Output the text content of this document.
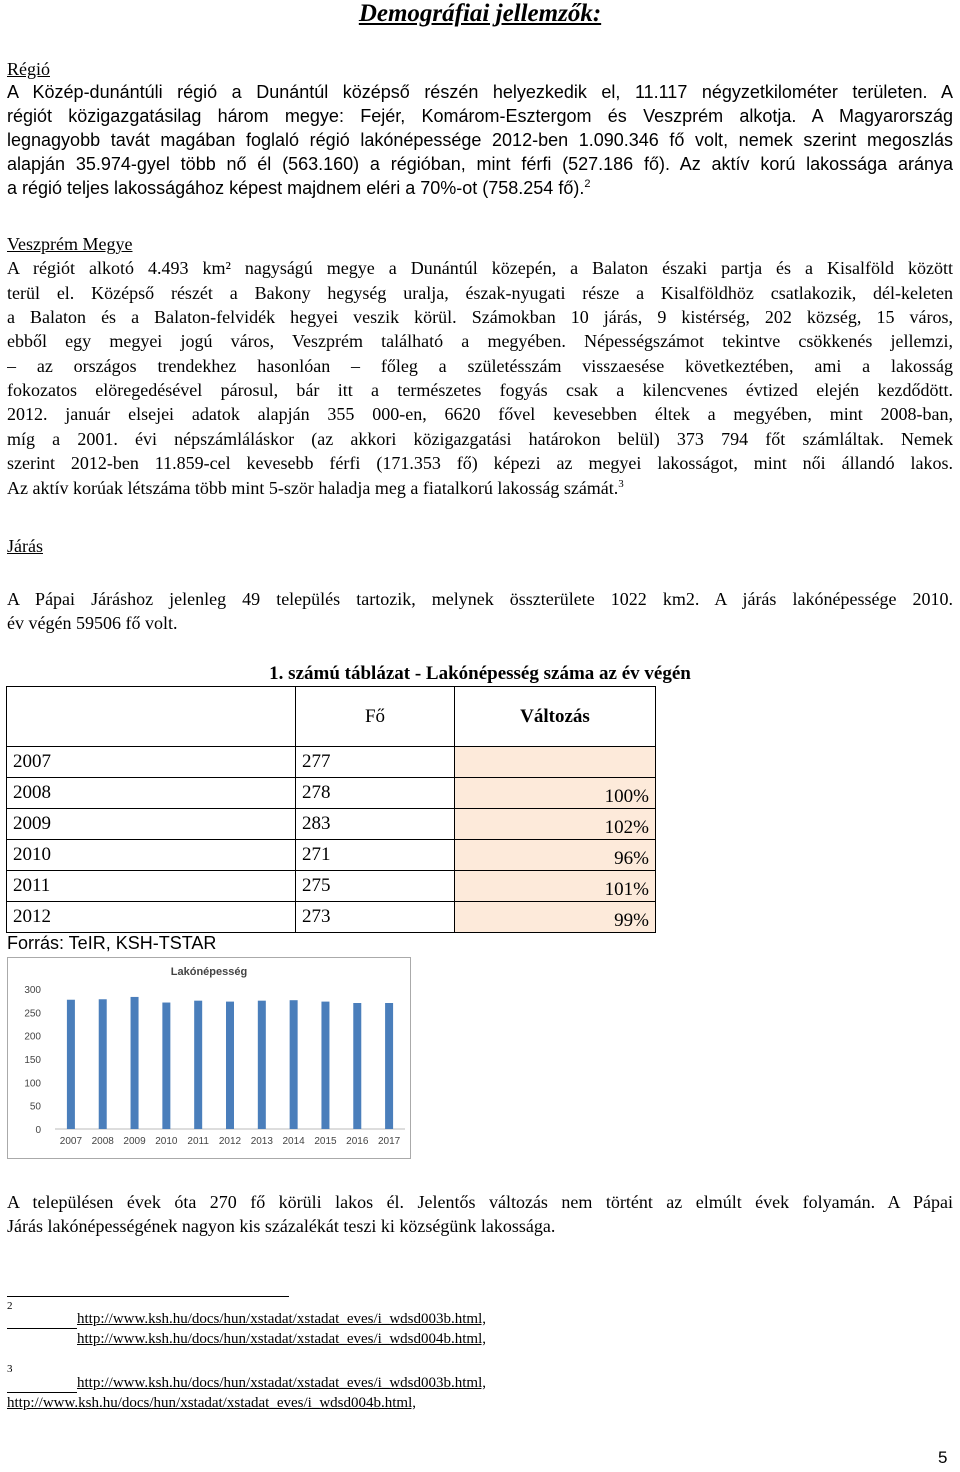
Demográfiai jellemzők:
Régió
A Közép-dunántúli régió a Dunántúl középső részén helyezkedik el, 11.117 négyzetkilométer területen. A
régiót közigazgatásilag három megye: Fejér, Komárom-Esztergom és Veszprém alkotja. A Magyarország
legnagyobb tavát magában foglaló régió lakónépessége 2012-ben 1.090.346 fő volt, nemek szerint megoszlás
alapján 35.974-gyel több nő él (563.160) a régióban, mint férfi (527.186 fő). Az aktív korú lakossága aránya
a régió teljes lakosságához képest majdnem eléri a 70%-ot (758.254 fő).$^2$
Veszprém Megye
A régiót alkotó 4.493 km² nagyságú megye a Dunántúl közepén, a Balaton északi partja és a Kisalföld között
terül el. Középső részét a Bakony hegység uralja, észak-nyugati része a Kisalföldhöz csatlakozik, dél-keleten
a Balaton és a Balaton-felvidék hegyei veszik körül. Számokban 10 járás, 9 kistérség, 202 község, 15 város,
ebből egy megyei jogú város, Veszprém található a megyében. Népességszámot tekintve csökkenés jellemzi,
– az országos trendekhez hasonlóan – főleg a születésszám visszaesése következtében, ami a lakosság
fokozatos elöregedésével párosul, bár itt a természetes fogyás csak a kilencvenes évtized elején kezdődött.
2012. január elsejei adatok alapján 355 000-en, 6620 fővel kevesebben éltek a megyében, mint 2008-ban,
míg a 2001. évi népszámláláskor (az akkori közigazgatási határokon belül) 373 794 főt számláltak. Nemek
szerint 2012-ben 11.859-cel kevesebb férfi (171.353 fő) képezi az megyei lakosságot, mint női állandó lakos.
Az aktív korúak létszáma több mint 5-ször haladja meg a fiatalkorú lakosság számát.$^3$
Járás
A Pápai Járáshoz jelenleg 49 település tartozik, melynek összterülete 1022 km2. A járás lakónépessége 2010.
év végén 59506 fő volt.
1. számú táblázat - Lakónépesség száma az év végén
	Fő	Változás
2007	277	
2008	278	100%
2009	283	102%
2010	271	96%
2011	275	101%
2012	273	99%
Forrás: TeIR, KSH-TSTAR
Lakónépesség
0
50
100
150
200
250
300
2007 2008 2009 2010 2011 2012 2013 2014 2015 2016 2017
A településen évek óta 270 fő körüli lakos él. Jelentős változás nem történt az elmúlt évek folyamán. A Pápai
Járás lakónépességének nagyon kis százalékát teszi ki községünk lakossága.
$^2$
http://www.ksh.hu/docs/hun/xstadat/xstadat_eves/i_wdsd003b.html,
http://www.ksh.hu/docs/hun/xstadat/xstadat_eves/i_wdsd004b.html,
$^3$
http://www.ksh.hu/docs/hun/xstadat/xstadat_eves/i_wdsd003b.html,
http://www.ksh.hu/docs/hun/xstadat/xstadat_eves/i_wdsd004b.html,
5
